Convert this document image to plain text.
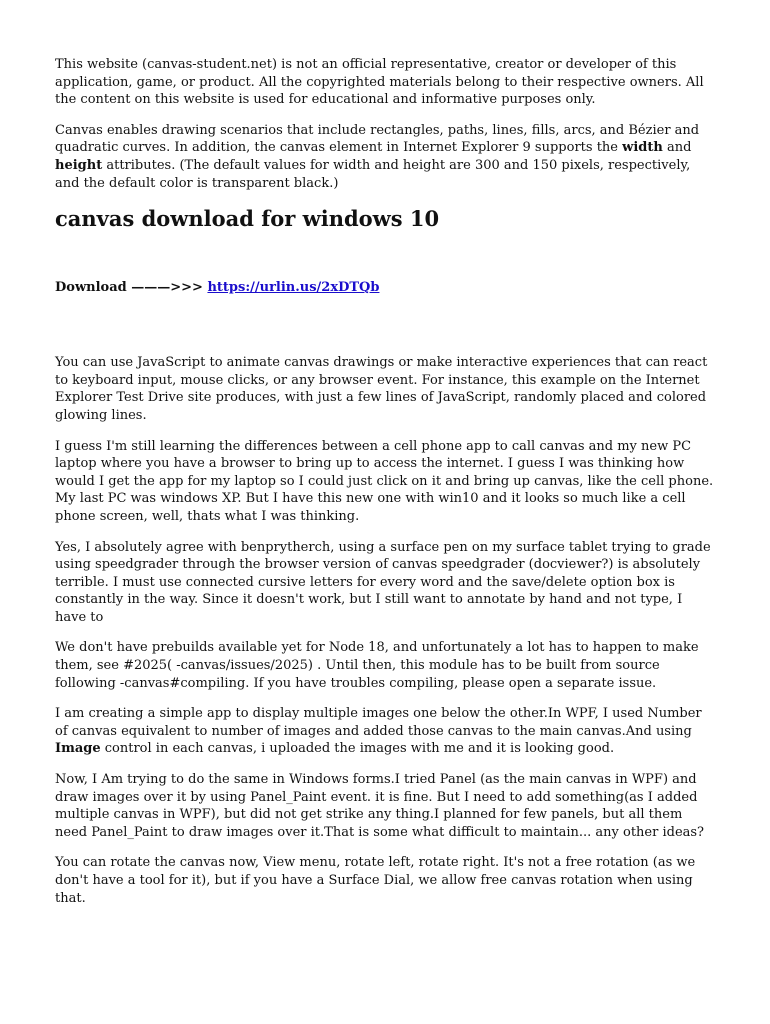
This website (canvas-student.net) is not an official representative, creator or developer of this application, game, or product. All the copyrighted materials belong to their respective owners. All the content on this website is used for educational and informative purposes only.

Canvas enables drawing scenarios that include rectangles, paths, lines, fills, arcs, and Bézier and quadratic curves. In addition, the canvas element in Internet Explorer 9 supports the width and height attributes. (The default values for width and height are 300 and 150 pixels, respectively, and the default color is transparent black.)

canvas download for windows 10
Download ———>>> https://urlin.us/2xDTQb

You can use JavaScript to animate canvas drawings or make interactive experiences that can react to keyboard input, mouse clicks, or any browser event. For instance, this example on the Internet Explorer Test Drive site produces, with just a few lines of JavaScript, randomly placed and colored glowing lines.

I guess I'm still learning the differences between a cell phone app to call canvas and my new PC laptop where you have a browser to bring up to access the internet. I guess I was thinking how would I get the app for my laptop so I could just click on it and bring up canvas, like the cell phone. My last PC was windows XP. But I have this new one with win10 and it looks so much like a cell phone screen, well, thats what I was thinking.

Yes, I absolutely agree with benprytherch, using a surface pen on my surface tablet trying to grade using speedgrader through the browser version of canvas speedgrader (docviewer?) is absolutely terrible. I must use connected cursive letters for every word and the save/delete option box is constantly in the way. Since it doesn't work, but I still want to annotate by hand and not type, I have to

We don't have prebuilds available yet for Node 18, and unfortunately a lot has to happen to make them, see #2025( -canvas/issues/2025) . Until then, this module has to be built from source following -canvas#compiling. If you have troubles compiling, please open a separate issue.

I am creating a simple app to display multiple images one below the other.In WPF, I used Number of canvas equivalent to number of images and added those canvas to the main canvas.And using Image control in each canvas, i uploaded the images with me and it is looking good.

Now, I Am trying to do the same in Windows forms.I tried Panel (as the main canvas in WPF) and draw images over it by using Panel_Paint event. it is fine. But I need to add something(as I added multiple canvas in WPF), but did not get strike any thing.I planned for few panels, but all them need Panel_Paint to draw images over it.That is some what difficult to maintain... any other ideas?

You can rotate the canvas now, View menu, rotate left, rotate right. It's not a free rotation (as we don't have a tool for it), but if you have a Surface Dial, we allow free canvas rotation when using that.
